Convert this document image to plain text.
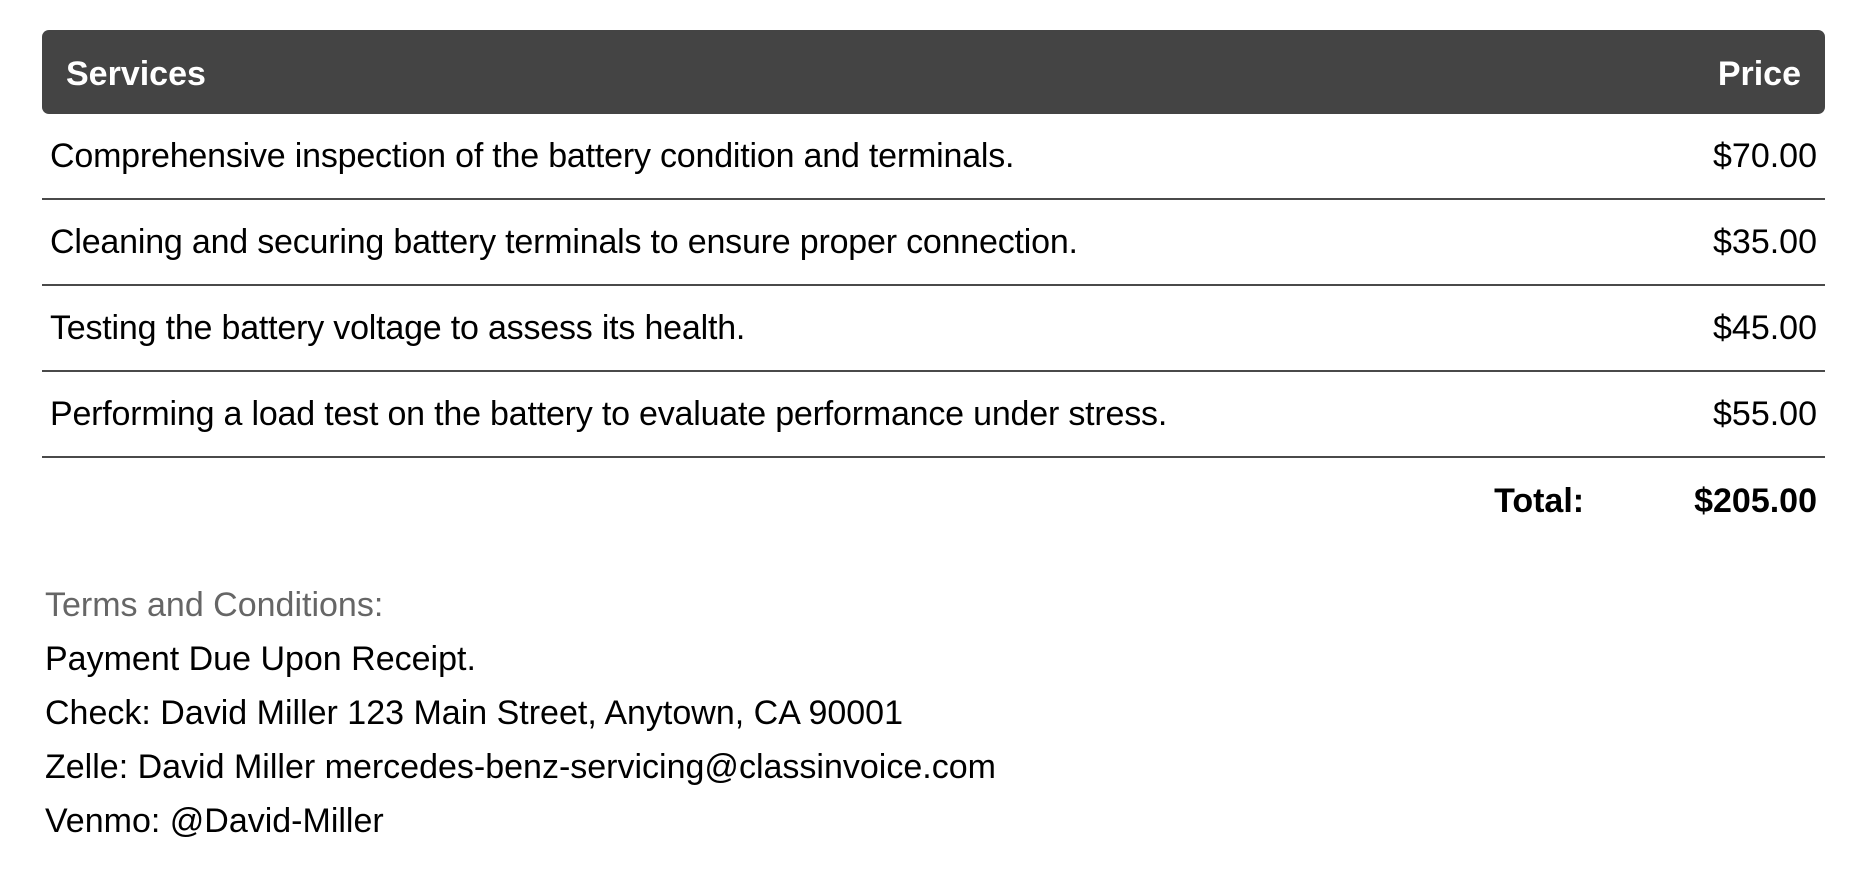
Services	Price
Comprehensive inspection of the battery condition and terminals.	$70.00
Cleaning and securing battery terminals to ensure proper connection.	$35.00
Testing the battery voltage to assess its health.	$45.00
Performing a load test on the battery to evaluate performance under stress.	$55.00
Total:	$205.00
Terms and Conditions:
Payment Due Upon Receipt.
Check: David Miller 123 Main Street, Anytown, CA 90001
Zelle: David Miller mercedes-benz-servicing@classinvoice.com
Venmo: @David-Miller
